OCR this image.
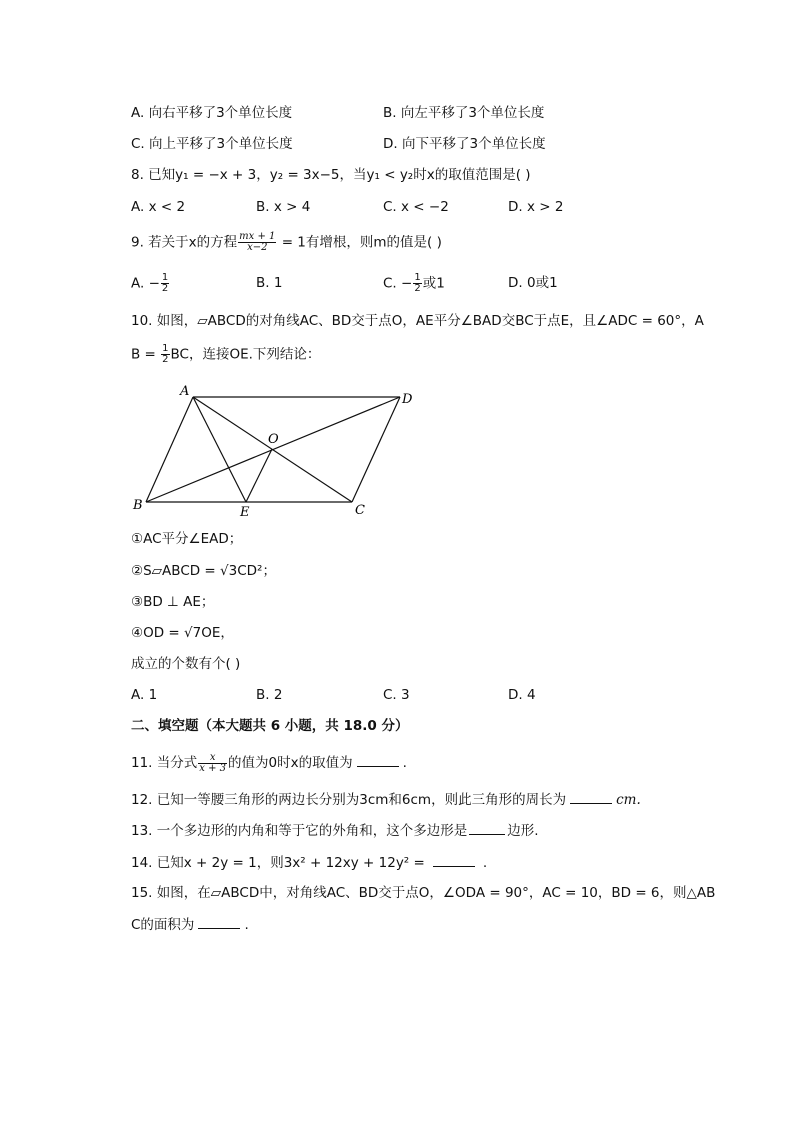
A. 向右平移了3个单位长度	B. 向左平移了3个单位长度
C. 向上平移了3个单位长度	D. 向下平移了3个单位长度
8. 已知y₁ = −x + 3，y₂ = 3x−5，当y₁ < y₂时x的取值范围是( )
A. x < 2	B. x > 4	C. x < −2	D. x > 2
9. 若关于x的方程 $\frac{mx + 1}{x-2} = 1$有增根，则m的值是( )
A. − $\frac{1}{2}$	B. 1	C. − $\frac{1}{2}$ 或1	D. 0或1
10. 如图，▱ABCD的对角线AC、BD交于点O，AE平分∠BAD交BC于点E，且∠ADC = 60°，A
$B = \frac{1}{2}$ BC，连接OE.下列结论：
A
D
O
B	E	C
①AC平分∠EAD；
②S▱ABCD = √3CD²；
③BD ⊥ AE；
④OD = √7OE，
成立的个数有个( )
A. 1	B. 2	C. 3	D. 4
二、填空题（本大题共 6 小题，共 18.0 分）
11. 当分式 $\frac{x}{x + 3}$ 的值为0时x的取值为	.
12. 已知一等腰三角形的两边长分别为3cm和6cm，则此三角形的周长为	cm.
13. 一个多边形的内角和等于它的外角和，这个多边形是	边形.
14. 已知x + 2y = 1，则3x² + 12xy + 12y² =	.
15. 如图，在▱ABCD中，对角线AC、BD交于点O，∠ODA = 90°，AC = 10，BD = 6，则△AB
C的面积为	.
